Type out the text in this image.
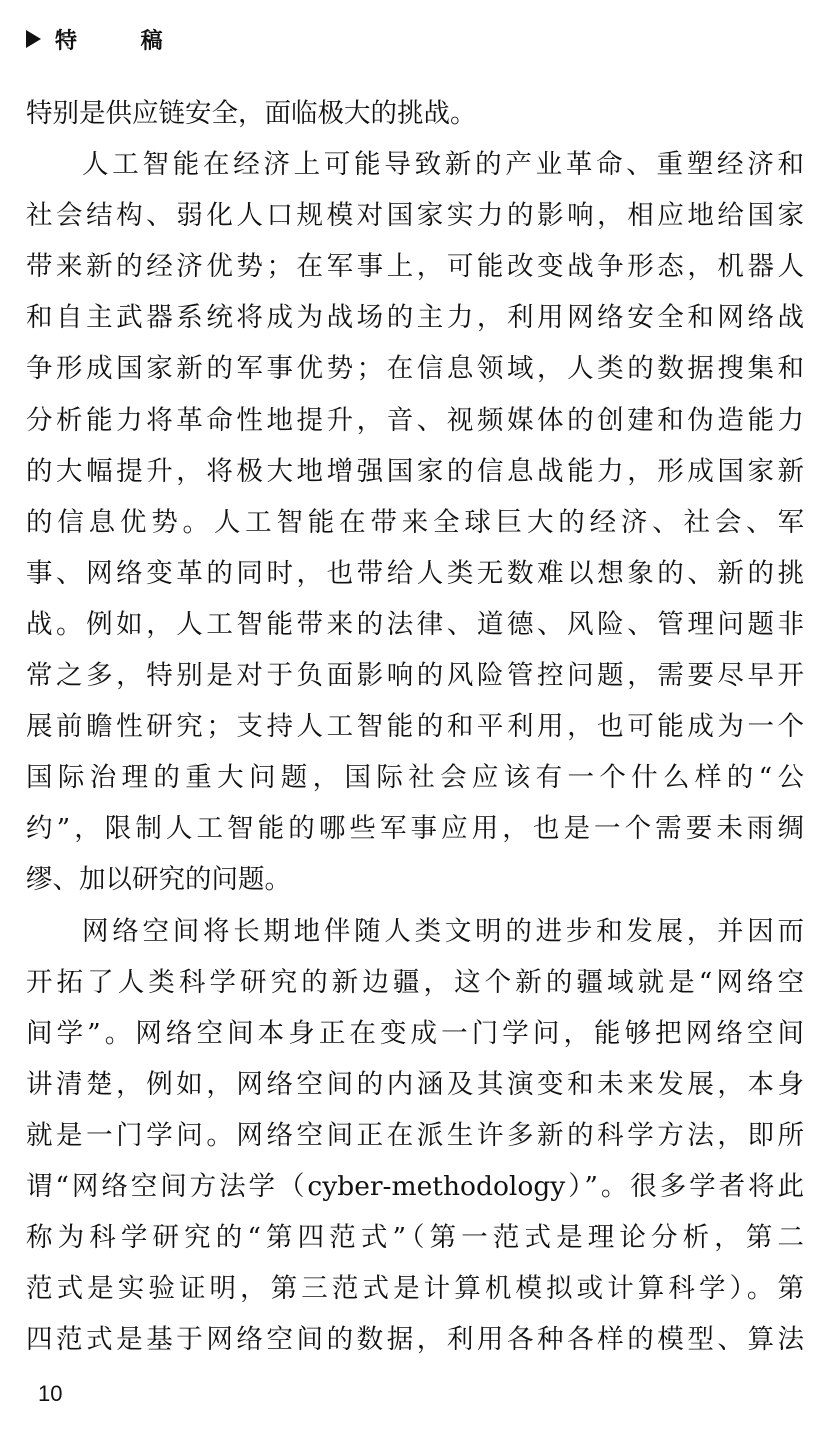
特 稿
特别是供应链安全，面临极大的挑战。
人工智能在经济上可能导致新的产业革命、重塑经济和
社会结构、弱化人口规模对国家实力的影响，相应地给国家
带来新的经济优势；在军事上，可能改变战争形态，机器人
和自主武器系统将成为战场的主力，利用网络安全和网络战
争形成国家新的军事优势；在信息领域，人类的数据搜集和
分析能力将革命性地提升，音、视频媒体的创建和伪造能力
的大幅提升，将极大地增强国家的信息战能力，形成国家新
的信息优势。人工智能在带来全球巨大的经济、社会、军
事、网络变革的同时，也带给人类无数难以想象的、新的挑
战。例如，人工智能带来的法律、道德、风险、管理问题非
常之多，特别是对于负面影响的风险管控问题，需要尽早开
展前瞻性研究；支持人工智能的和平利用，也可能成为一个
国际治理的重大问题，国际社会应该有一个什么样的“公
约”，限制人工智能的哪些军事应用，也是一个需要未雨绸
缪、加以研究的问题。
网络空间将长期地伴随人类文明的进步和发展，并因而
开拓了人类科学研究的新边疆，这个新的疆域就是“网络空
间学”。网络空间本身正在变成一门学问，能够把网络空间
讲清楚，例如，网络空间的内涵及其演变和未来发展，本身
就是一门学问。网络空间正在派生许多新的科学方法，即所
谓“网络空间方法学（cyber-methodology）”。很多学者将此
称为科学研究的“第四范式”（第一范式是理论分析，第二
范式是实验证明，第三范式是计算机模拟或计算科学）。第
四范式是基于网络空间的数据，利用各种各样的模型、算法
10
